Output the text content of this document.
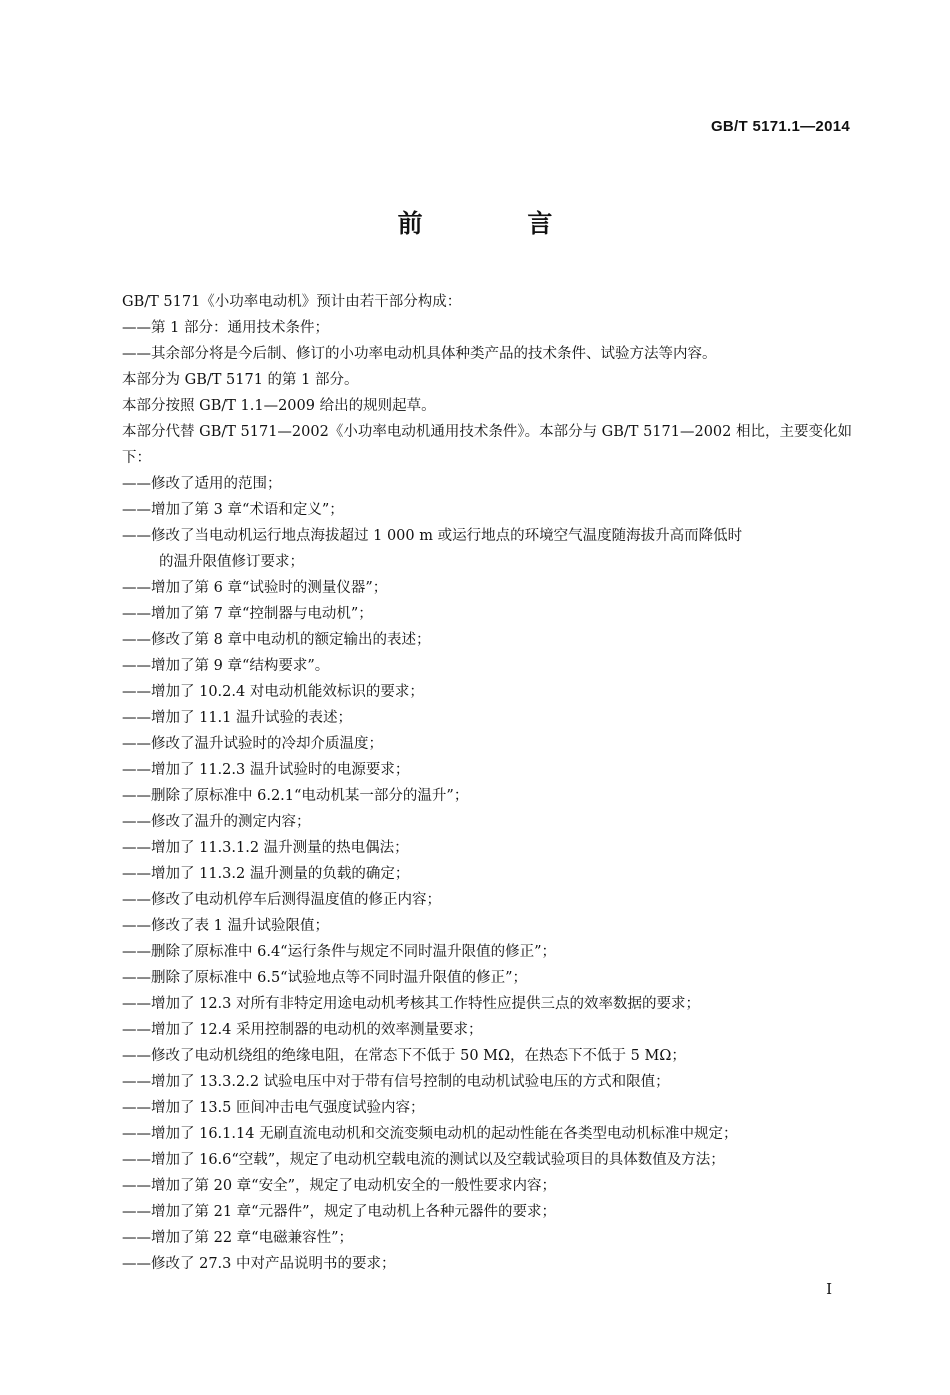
GB/T 5171.1—2014
前 言
GB/T 5171《小功率电动机》预计由若干部分构成：
——第 1 部分：通用技术条件；
——其余部分将是今后制、修订的小功率电动机具体种类产品的技术条件、试验方法等内容。
本部分为 GB/T 5171 的第 1 部分。
本部分按照 GB/T 1.1—2009 给出的规则起草。
本部分代替 GB/T 5171—2002《小功率电动机通用技术条件》。本部分与 GB/T 5171—2002 相比，主要变化如下：
——修改了适用的范围；
——增加了第 3 章“术语和定义”；
——修改了当电动机运行地点海拔超过 1 000 m 或运行地点的环境空气温度随海拔升高而降低时
的温升限值修订要求；
——增加了第 6 章“试验时的测量仪器”；
——增加了第 7 章“控制器与电动机”；
——修改了第 8 章中电动机的额定输出的表述；
——增加了第 9 章“结构要求”。
——增加了 10.2.4 对电动机能效标识的要求；
——增加了 11.1 温升试验的表述；
——修改了温升试验时的冷却介质温度；
——增加了 11.2.3 温升试验时的电源要求；
——删除了原标准中 6.2.1“电动机某一部分的温升”；
——修改了温升的测定内容；
——增加了 11.3.1.2 温升测量的热电偶法；
——增加了 11.3.2 温升测量的负载的确定；
——修改了电动机停车后测得温度值的修正内容；
——修改了表 1 温升试验限值；
——删除了原标准中 6.4“运行条件与规定不同时温升限值的修正”；
——删除了原标准中 6.5“试验地点等不同时温升限值的修正”；
——增加了 12.3 对所有非特定用途电动机考核其工作特性应提供三点的效率数据的要求；
——增加了 12.4 采用控制器的电动机的效率测量要求；
——修改了电动机绕组的绝缘电阻，在常态下不低于 50 MΩ，在热态下不低于 5 MΩ；
——增加了 13.3.2.2 试验电压中对于带有信号控制的电动机试验电压的方式和限值；
——增加了 13.5 匝间冲击电气强度试验内容；
——增加了 16.1.14 无刷直流电动机和交流变频电动机的起动性能在各类型电动机标准中规定；
——增加了 16.6“空载”，规定了电动机空载电流的测试以及空载试验项目的具体数值及方法；
——增加了第 20 章“安全”，规定了电动机安全的一般性要求内容；
——增加了第 21 章“元器件”，规定了电动机上各种元器件的要求；
——增加了第 22 章“电磁兼容性”；
——修改了 27.3 中对产品说明书的要求；
I
